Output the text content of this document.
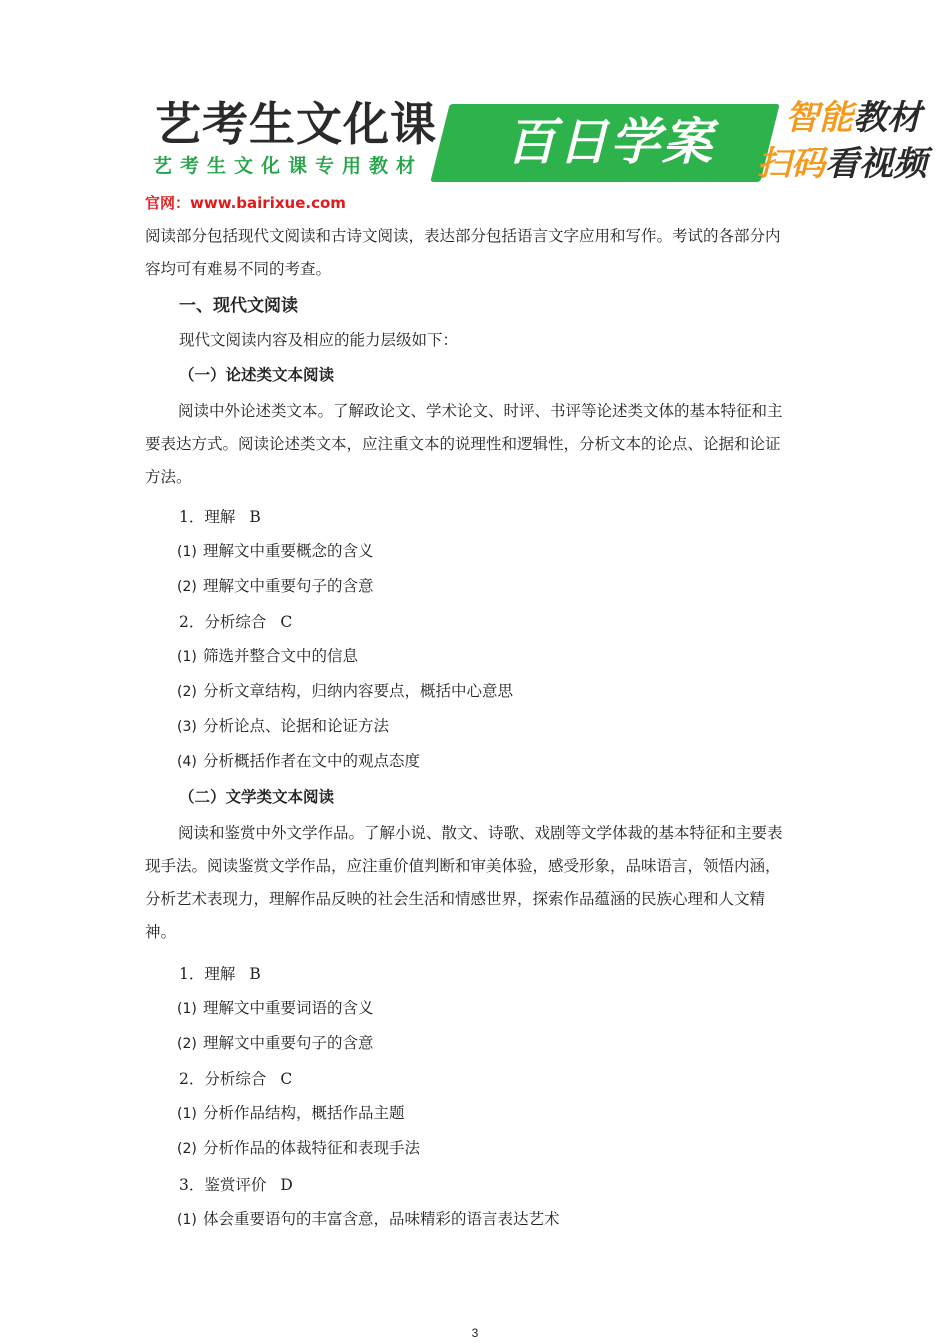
艺考生文化课
艺考生文化课专用教材	百日学案	智能教材
扫码看视频
官网：www.bairixue.com

阅读部分包括现代文阅读和古诗文阅读，表达部分包括语言文字应用和写作。考试的各部分内容均可有难易不同的考查。

一、现代文阅读
现代文阅读内容及相应的能力层级如下：
（一）论述类文本阅读

阅读中外论述类文本。了解政论文、学术论文、时评、书评等论述类文体的基本特征和主要表达方式。阅读论述类文本，应注重文本的说理性和逻辑性，分析文本的论点、论据和论证方法。

1．理解 B
(1) 理解文中重要概念的含义
(2) 理解文中重要句子的含意
2．分析综合 C
(1) 筛选并整合文中的信息
(2) 分析文章结构，归纳内容要点，概括中心意思
(3) 分析论点、论据和论证方法
(4) 分析概括作者在文中的观点态度
（二）文学类文本阅读

阅读和鉴赏中外文学作品。了解小说、散文、诗歌、戏剧等文学体裁的基本特征和主要表现手法。阅读鉴赏文学作品，应注重价值判断和审美体验，感受形象，品味语言，领悟内涵，分析艺术表现力，理解作品反映的社会生活和情感世界，探索作品蕴涵的民族心理和人文精神。

1．理解 B
(1) 理解文中重要词语的含义
(2) 理解文中重要句子的含意
2．分析综合 C
(1) 分析作品结构，概括作品主题
(2) 分析作品的体裁特征和表现手法
3．鉴赏评价 D
(1) 体会重要语句的丰富含意，品味精彩的语言表达艺术
3
